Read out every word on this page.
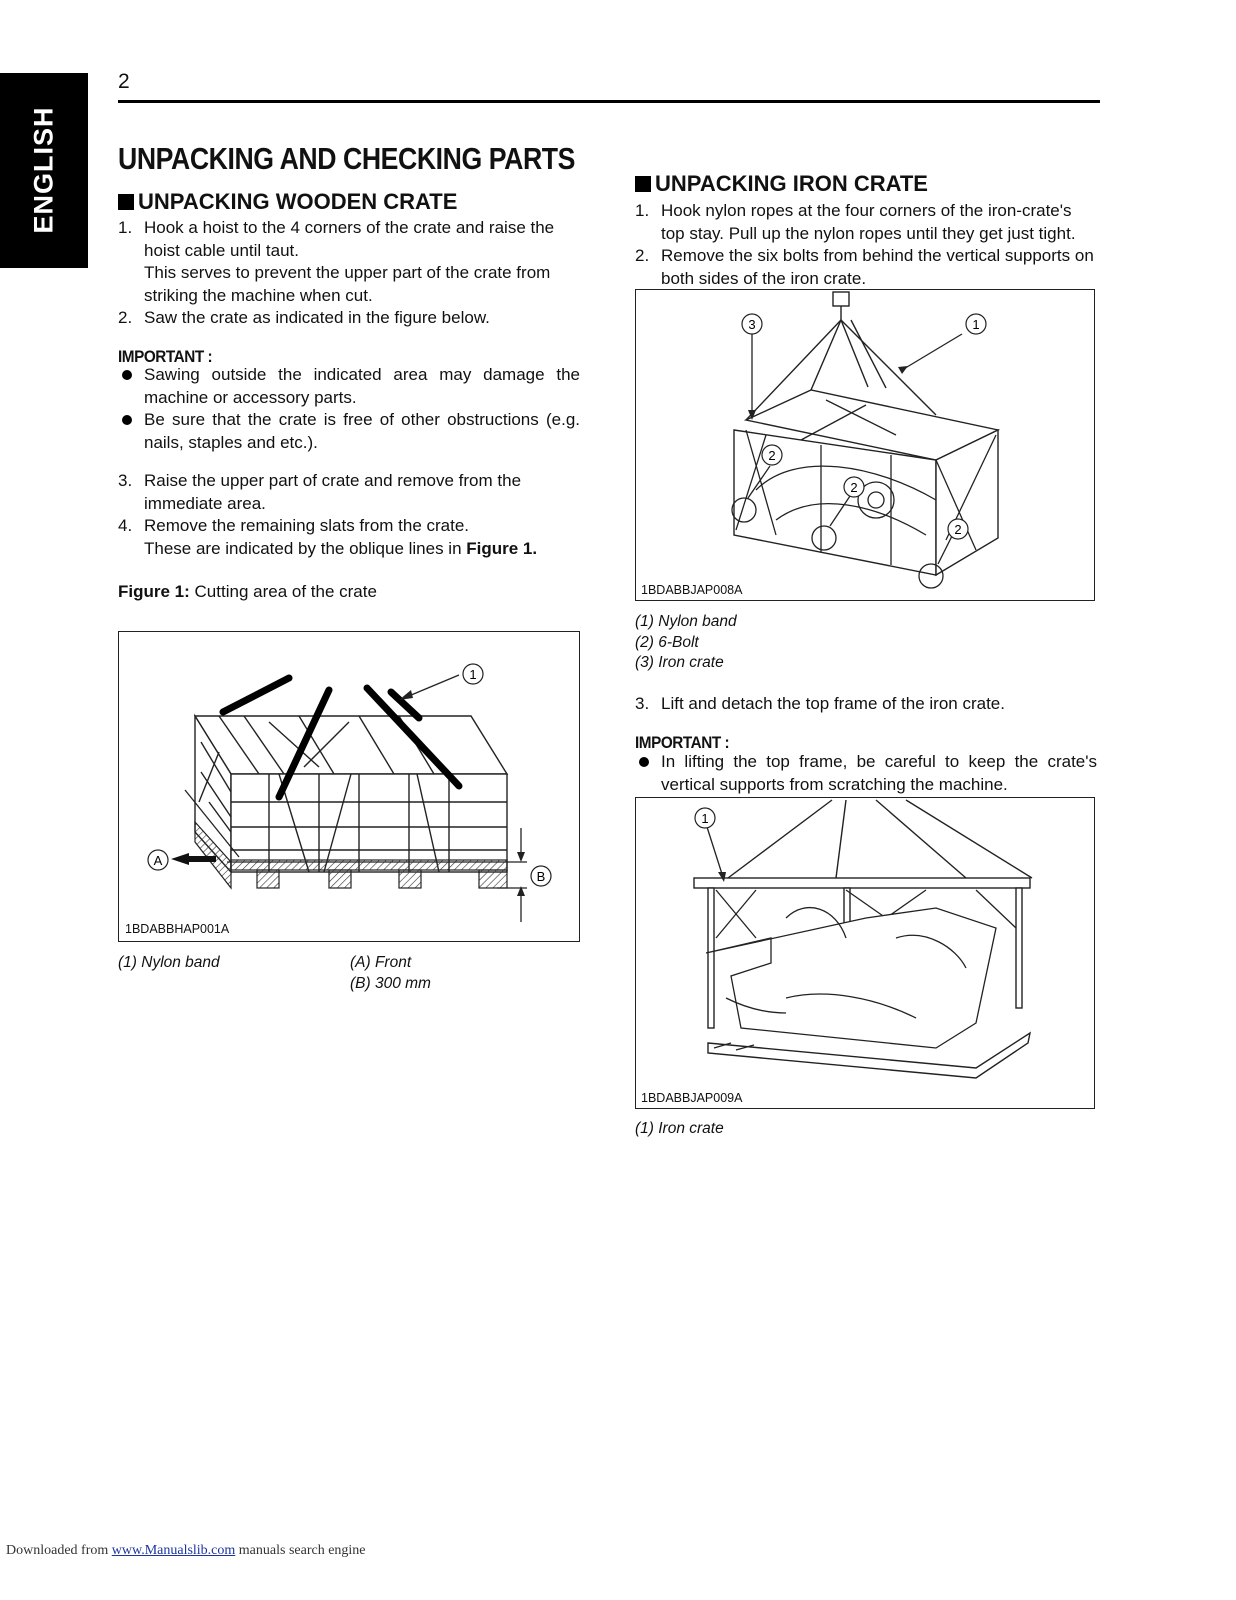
ENGLISH
2
UNPACKING AND CHECKING PARTS
UNPACKING WOODEN CRATE
1. Hook a hoist to the 4 corners of the crate and raise the hoist cable until taut.
This serves to prevent the upper part of the crate from striking the machine when cut.
2. Saw the crate as indicated in the figure below.
IMPORTANT :
Sawing outside the indicated area may damage the machine or accessory parts.
Be sure that the crate is free of other obstructions (e.g. nails, staples and etc.).
3. Raise the upper part of crate and remove from the immediate area.
4. Remove the remaining slats from the crate.
These are indicated by the oblique lines in Figure 1.
Figure 1: Cutting area of the crate
1
A
B
1BDABBHAP001A
(1) Nylon band	(A) Front
(B) 300 mm
UNPACKING IRON CRATE
1. Hook nylon ropes at the four corners of the iron-crate's top stay. Pull up the nylon ropes until they get just tight.
2. Remove the six bolts from behind the vertical supports on both sides of the iron crate.
3	1
2
2
2
1BDABBJAP008A
(1) Nylon band
(2) 6-Bolt
(3) Iron crate
3. Lift and detach the top frame of the iron crate.
IMPORTANT :
In lifting the top frame, be careful to keep the crate's vertical supports from scratching the machine.
1
1BDABBJAP009A
(1) Iron crate
Downloaded from www.Manualslib.com manuals search engine
